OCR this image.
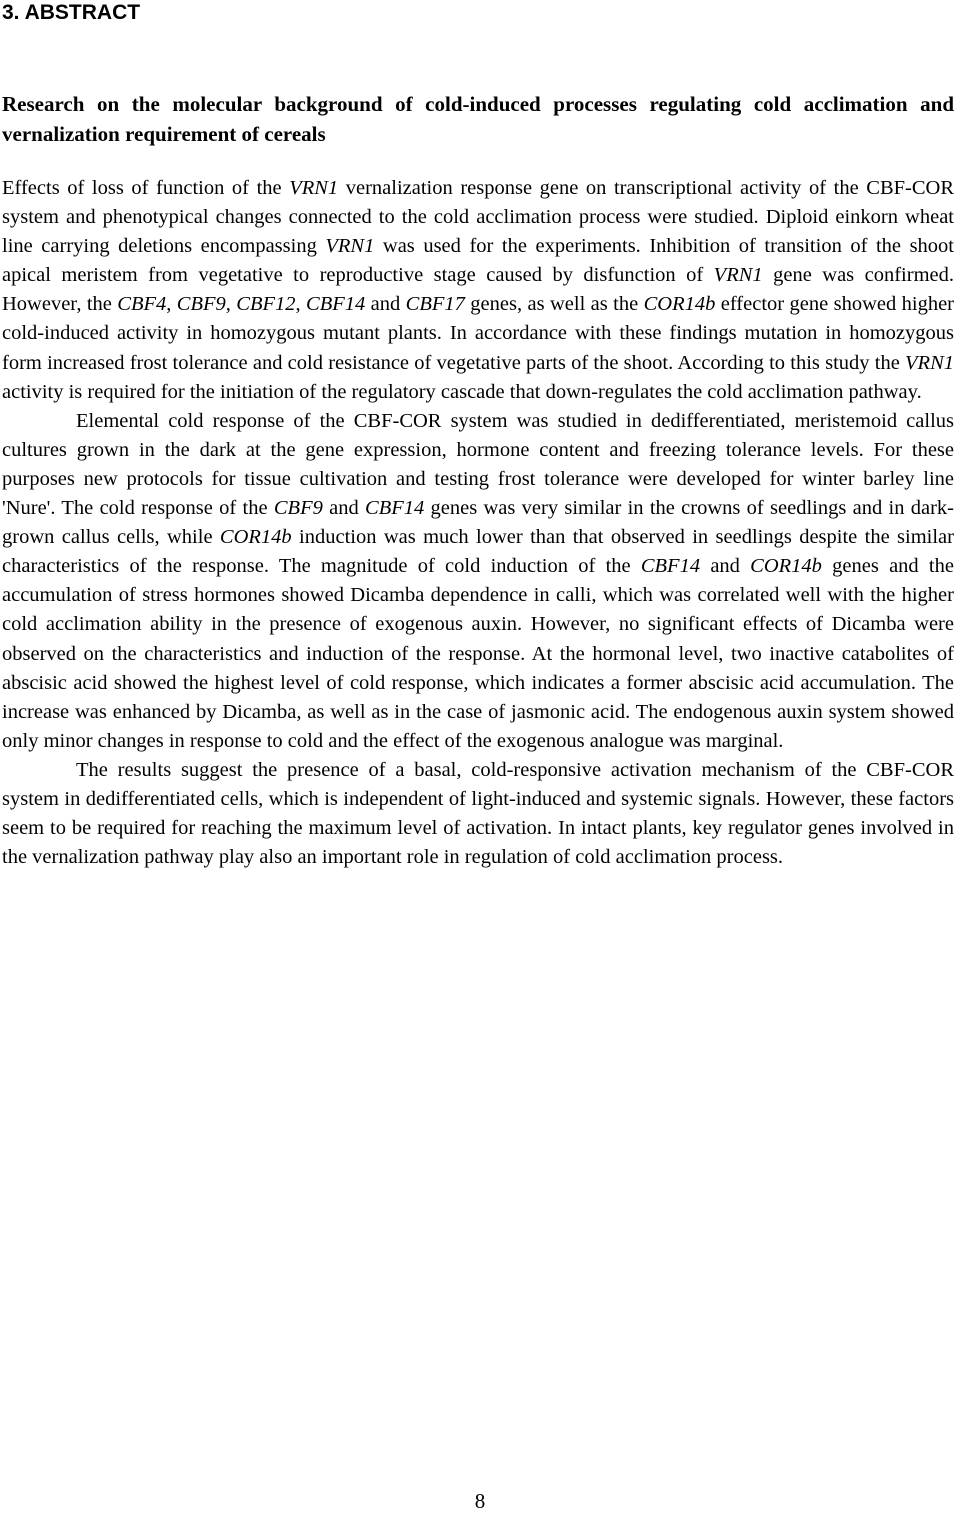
3. ABSTRACT
Research on the molecular background of cold-induced processes regulating cold acclimation and vernalization requirement of cereals

Effects of loss of function of the VRN1 vernalization response gene on transcriptional activity of the CBF-COR system and phenotypical changes connected to the cold acclimation process were studied. Diploid einkorn wheat line carrying deletions encompassing VRN1 was used for the experiments. Inhibition of transition of the shoot apical meristem from vegetative to reproductive stage caused by disfunction of VRN1 gene was confirmed. However, the CBF4, CBF9, CBF12, CBF14 and CBF17 genes, as well as the COR14b effector gene showed higher cold-induced activity in homozygous mutant plants. In accordance with these findings mutation in homozygous form increased frost tolerance and cold resistance of vegetative parts of the shoot. According to this study the VRN1 activity is required for the initiation of the regulatory cascade that down-regulates the cold acclimation pathway.

Elemental cold response of the CBF-COR system was studied in dedifferentiated, meristemoid callus cultures grown in the dark at the gene expression, hormone content and freezing tolerance levels. For these purposes new protocols for tissue cultivation and testing frost tolerance were developed for winter barley line 'Nure'. The cold response of the CBF9 and CBF14 genes was very similar in the crowns of seedlings and in dark-grown callus cells, while COR14b induction was much lower than that observed in seedlings despite the similar characteristics of the response. The magnitude of cold induction of the CBF14 and COR14b genes and the accumulation of stress hormones showed Dicamba dependence in calli, which was correlated well with the higher cold acclimation ability in the presence of exogenous auxin. However, no significant effects of Dicamba were observed on the characteristics and induction of the response. At the hormonal level, two inactive catabolites of abscisic acid showed the highest level of cold response, which indicates a former abscisic acid accumulation. The increase was enhanced by Dicamba, as well as in the case of jasmonic acid. The endogenous auxin system showed only minor changes in response to cold and the effect of the exogenous analogue was marginal.

The results suggest the presence of a basal, cold-responsive activation mechanism of the CBF-COR system in dedifferentiated cells, which is independent of light-induced and systemic signals. However, these factors seem to be required for reaching the maximum level of activation. In intact plants, key regulator genes involved in the vernalization pathway play also an important role in regulation of cold acclimation process.

8
